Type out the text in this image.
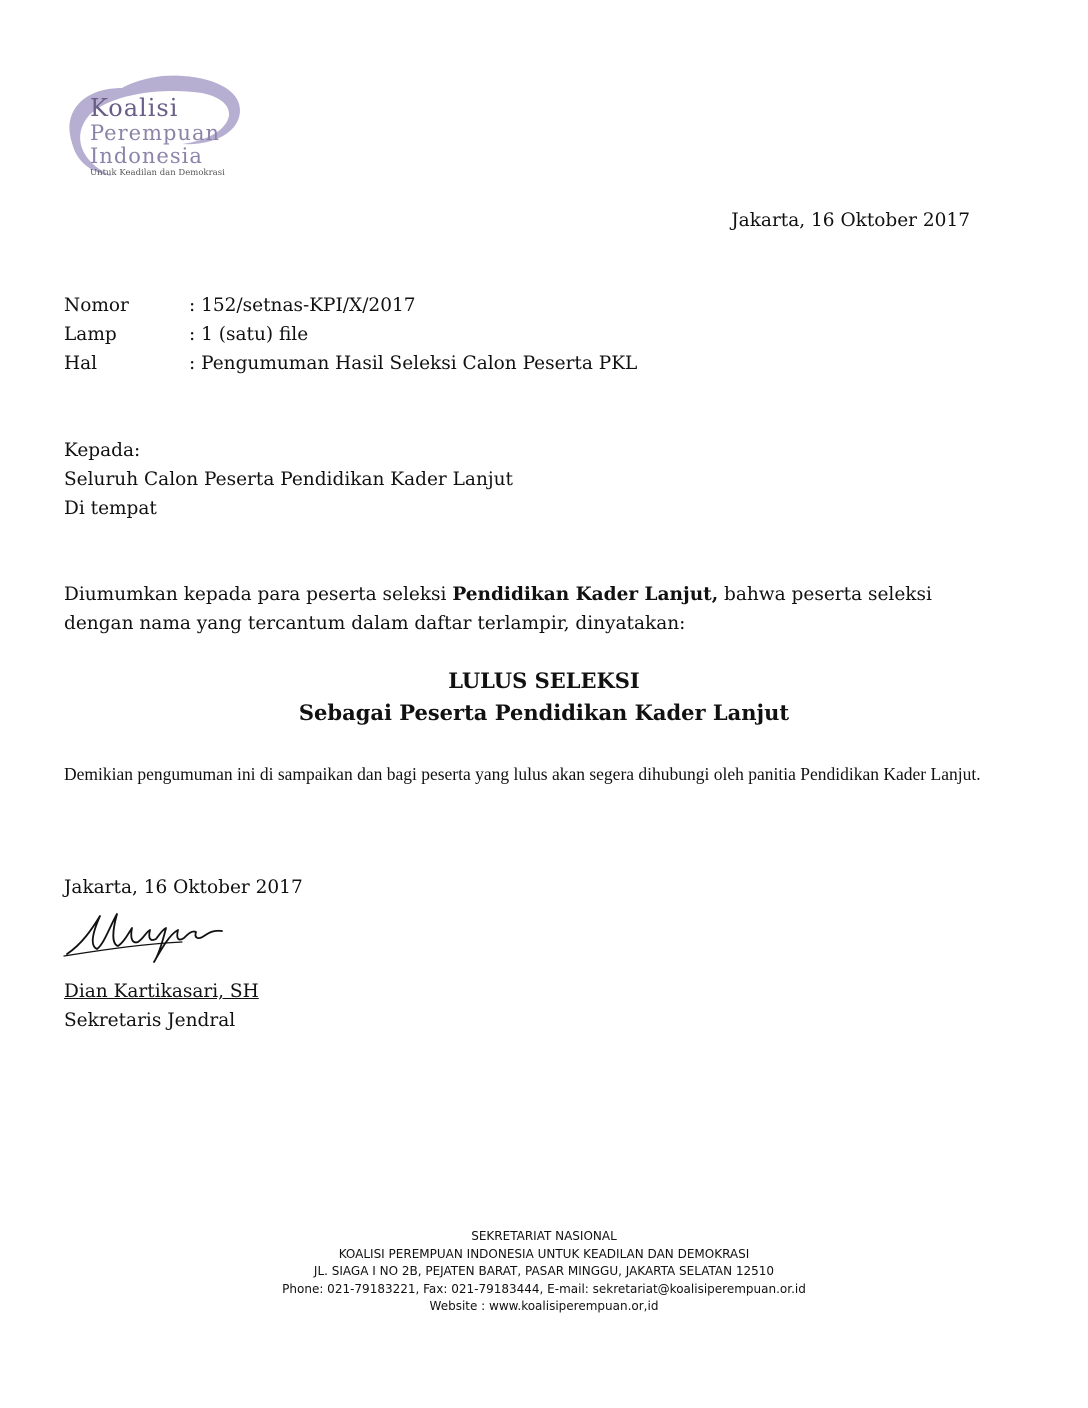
Koalisi
Perempuan
Indonesia
Untuk Keadilan dan Demokrasi
Jakarta, 16 Oktober 2017
Nomor	: 152/setnas-KPI/X/2017
Lamp	: 1 (satu) file
Hal	: Pengumuman Hasil Seleksi Calon Peserta PKL
Kepada:
Seluruh Calon Peserta Pendidikan Kader Lanjut
Di tempat
Diumumkan kepada para peserta seleksi Pendidikan Kader Lanjut, bahwa peserta seleksi dengan nama yang tercantum dalam daftar terlampir, dinyatakan:
LULUS SELEKSI
Sebagai Peserta Pendidikan Kader Lanjut
Demikian pengumuman ini di sampaikan dan bagi peserta yang lulus akan segera dihubungi oleh panitia Pendidikan Kader Lanjut.
Jakarta, 16 Oktober 2017
Dian Kartikasari, SH
Sekretaris Jendral
SEKRETARIAT NASIONAL
KOALISI PEREMPUAN INDONESIA UNTUK KEADILAN DAN DEMOKRASI
JL. SIAGA I NO 2B, PEJATEN BARAT, PASAR MINGGU, JAKARTA SELATAN 12510
Phone: 021-79183221, Fax: 021-79183444, E-mail: sekretariat@koalisiperempuan.or.id
Website : www.koalisiperempuan.or,id
